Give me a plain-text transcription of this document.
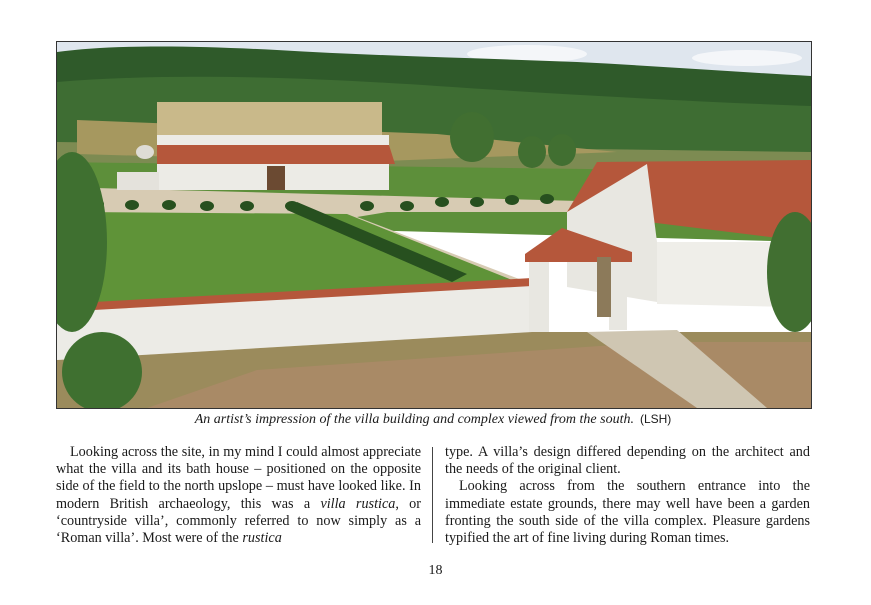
An artist’s impression of the villa building and complex viewed from the south. (LSH)

Looking across the site, in my mind I could almost appreciate what the villa and its bath house – positioned on the opposite side of the field to the north upslope – must have looked like. In modern British archaeology, this was a villa rustica, or ‘countryside villa’, commonly referred to now simply as a ‘Roman villa’. Most were of the rustica

type. A villa’s design differed depending on the architect and the needs of the original client.

Looking across from the southern entrance into the immediate estate grounds, there may well have been a garden fronting the south side of the villa complex. Pleasure gardens typified the art of fine living during Roman times.

18
